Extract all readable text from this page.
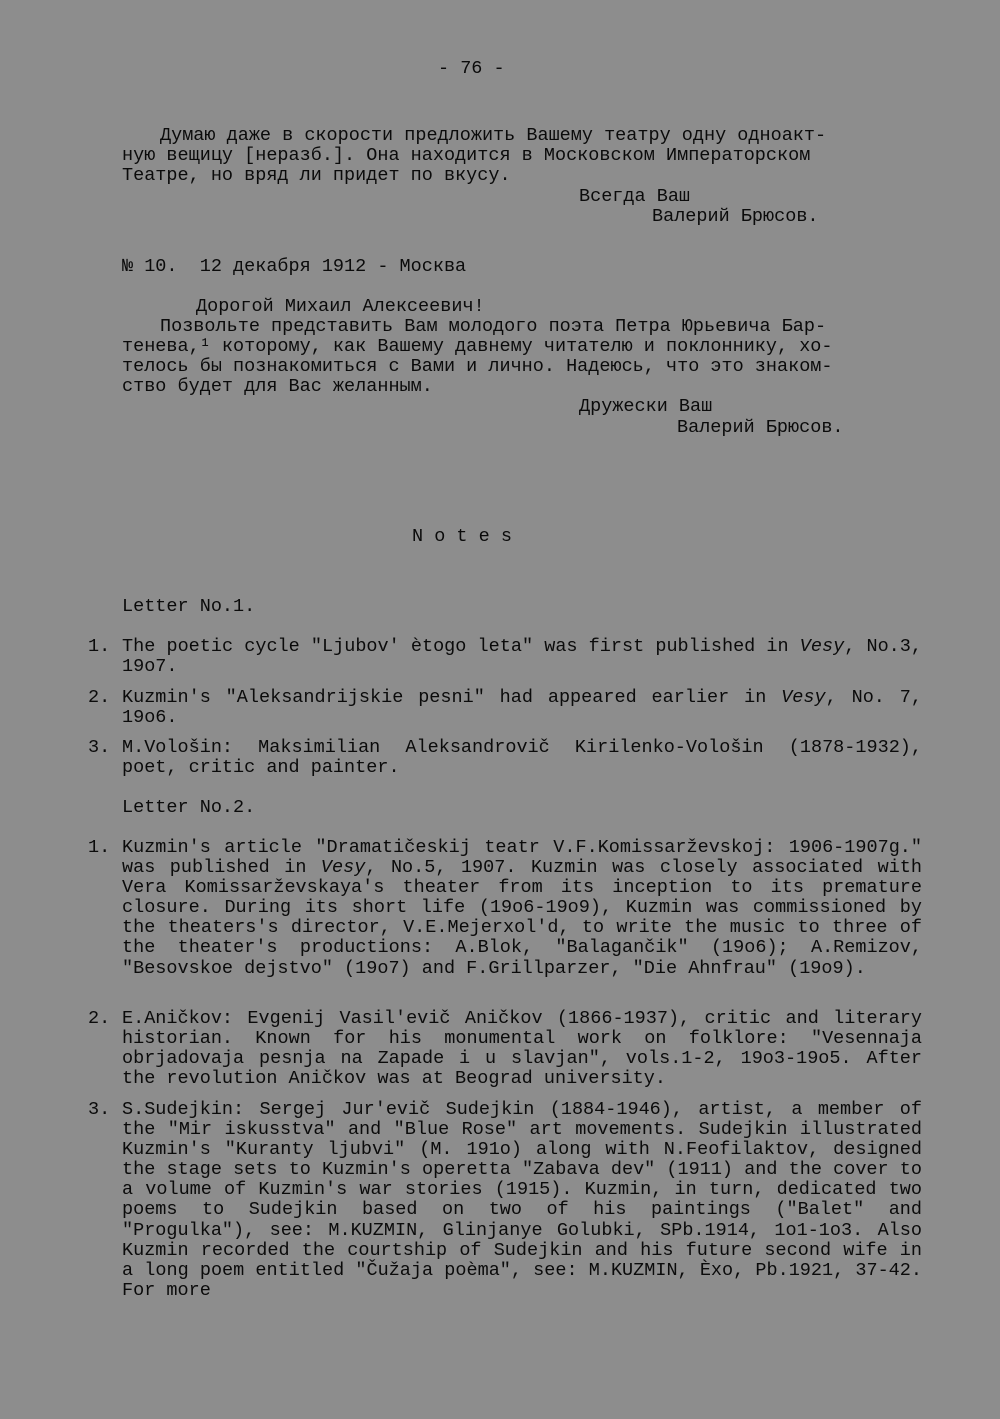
- 76 -
Думаю даже в скорости предложить Вашему театру одну одноакт-
ную вещицу [неразб.]. Она находится в Московском Императорском
Театре, но вряд ли придет по вкусу.
Всегда Ваш
Валерий Брюсов.
№ 10.  12 декабря 1912 - Москва
Дорогой Михаил Алексеевич!
Позвольте представить Вам молодого поэта Петра Юрьевича Бар-
тенева,¹ которому, как Вашему давнему читателю и поклоннику, хо-
телось бы познакомиться с Вами и лично. Надеюсь, что это знаком-
ство будет для Вас желанным.
Дружески Ваш
Валерий Брюсов.
N o t e s
Letter No.1.
1. The poetic cycle "Ljubov' ètogo leta" was first published in Vesy, No.3, 19o7.
2. Kuzmin's "Aleksandrijskie pesni" had appeared earlier in Vesy, No. 7, 19o6.
3. M.Vološin: Maksimilian Aleksandrovič Kirilenko-Vološin (1878-1932), poet, critic and painter.
Letter No.2.
1. Kuzmin's article "Dramatičeskij teatr V.F.Komissarževskoj: 1906-1907g." was published in Vesy, No.5, 1907. Kuzmin was closely associated with Vera Komissarževskaya's theater from its inception to its premature closure. During its short life (19o6-19o9), Kuzmin was commissioned by the theaters's director, V.E.Mejerxol'd, to write the music to three of the theater's productions: A.Blok, "Balagančik" (19o6); A.Remizov, "Besovskoe dejstvo" (19o7) and F.Grillparzer, "Die Ahnfrau" (19o9).
2. E.Aničkov: Evgenij Vasil'evič Aničkov (1866-1937), critic and literary historian. Known for his monumental work on folklore: "Vesennaja obrjadovaja pesnja na Zapade i u slavjan", vols.1-2, 19o3-19o5. After the revolution Aničkov was at Beograd university.
3. S.Sudejkin: Sergej Jur'evič Sudejkin (1884-1946), artist, a member of the "Mir iskusstva" and "Blue Rose" art movements. Sudejkin illustrated Kuzmin's "Kuranty ljubvi" (M. 191o) along with N.Feofilaktov, designed the stage sets to Kuzmin's operetta "Zabava dev" (1911) and the cover to a volume of Kuzmin's war stories (1915). Kuzmin, in turn, dedicated two poems to Sudejkin based on two of his paintings ("Balet" and "Progulka"), see: M.KUZMIN, Glinjanye Golubki, SPb.1914, 1o1-1o3. Also Kuzmin recorded the courtship of Sudejkin and his future second wife in a long poem entitled "Čužaja poèma", see: M.KUZMIN, Èxo, Pb.1921, 37-42. For more
